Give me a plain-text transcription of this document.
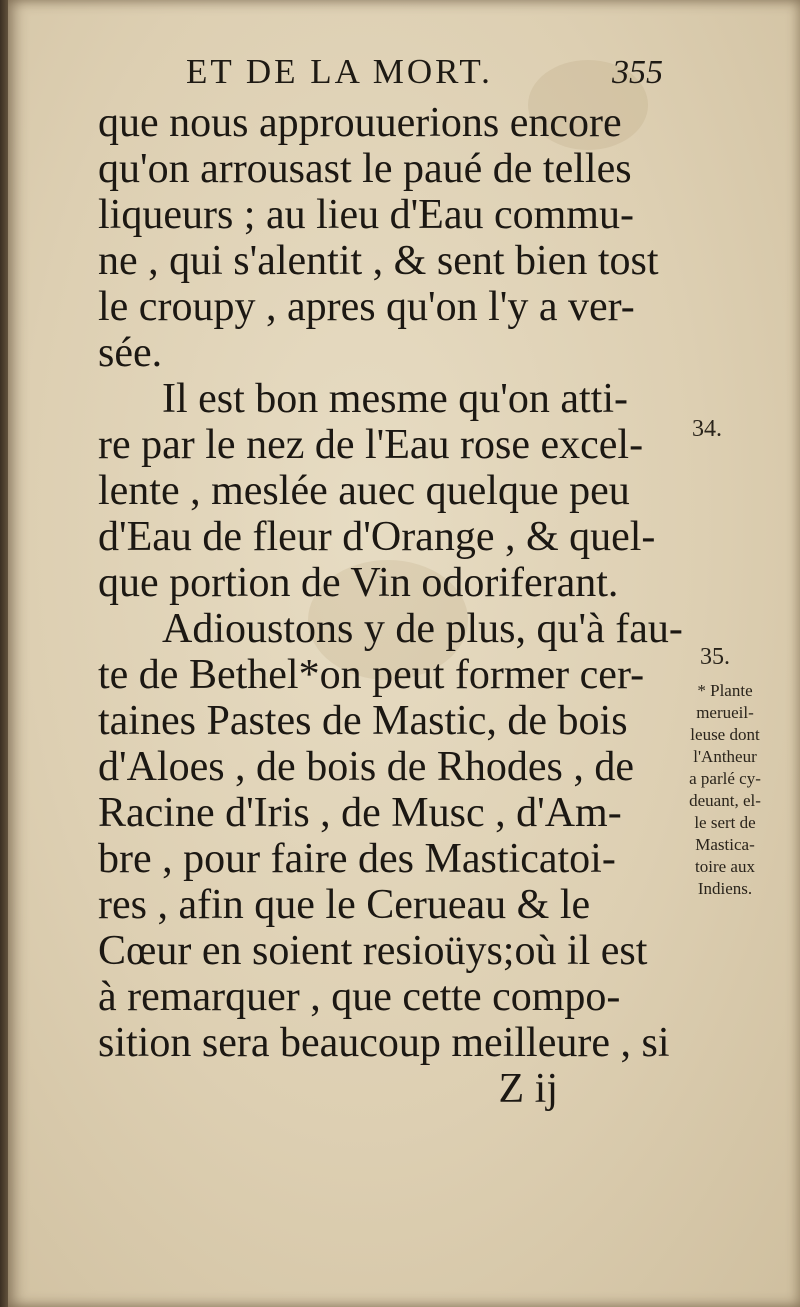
ET DE LA MORT.	355
que nous approuuerions encore
qu'on arrousast le paué de telles
liqueurs ; au lieu d'Eau commu-
ne , qui s'alentit , & sent bien tost
le croupy , apres qu'on l'y a ver-
sée.
Il est bon mesme qu'on atti-
re par le nez de l'Eau rose excel-
lente , meslée auec quelque peu
d'Eau de fleur d'Orange , & quel-
que portion de Vin odoriferant.
Adioustons y de plus, qu'à fau-
te de Bethel*on peut former cer-
taines Pastes de Mastic, de bois
d'Aloes , de bois de Rhodes , de
Racine d'Iris , de Musc , d'Am-
bre , pour faire des Masticatoi-
res , afin que le Cerueau & le
Cœur en soient resioüys;où il est
à remarquer , que cette compo-
sition sera beaucoup meilleure , si
Z ij
34.
35.
* Plante
merueil-
leuse dont
l'Antheur
a parlé cy-
deuant, el-
le sert de
Mastica-
toire aux
Indiens.
